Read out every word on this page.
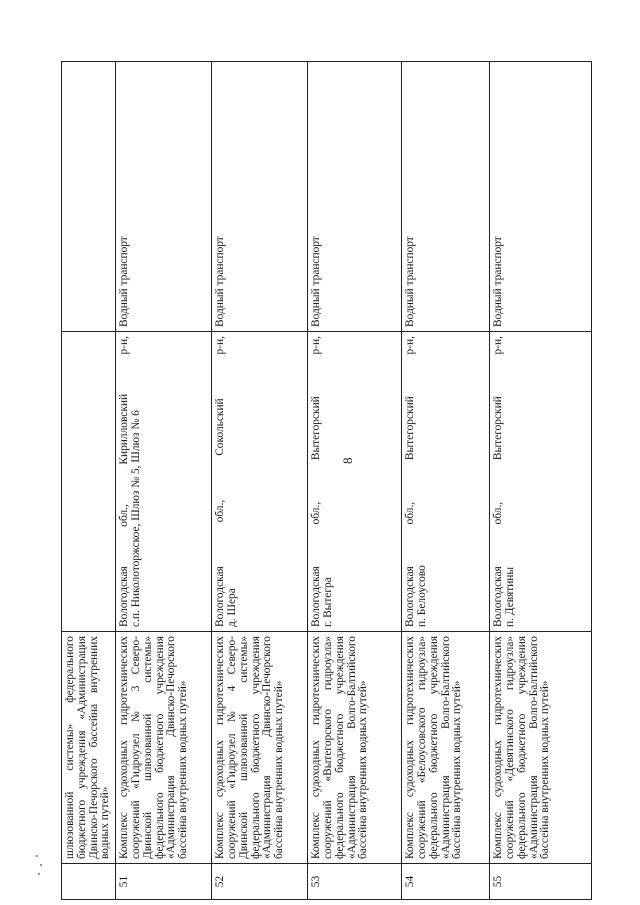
8
	шлюзованной системы» федерального бюджетного учреждения «Администрация Двинско-Печорского бассейна внутренних водных путей»		
51	Комплекс судоходных гидротехнических сооружений «Гидроузел № 3 Северо-Двинской шлюзованной системы» федерального бюджетного учреждения «Администрация Двинско-Печорского бассейна внутренних водных путей»	Вологодская обл., Кирилловский р-н, с.п. Николоторжское, Шлюз № 5, Шлюз № 6	Водный транспорт
52	Комплекс судоходных гидротехнических сооружений «Гидроузел № 4 Северо-Двинской шлюзованной системы» федерального бюджетного учреждения «Администрация Двинско-Печорского бассейна внутренних водных путей»	Вологодская обл., Сокольский р-н, д. Шера	Водный транспорт
53	Комплекс судоходных гидротехнических сооружений «Вытегорского гидроузла» федерального бюджетного учреждения «Администрация Волго-Балтийского бассейна внутренних водных путей»	Вологодская обл., Вытегорский р-н, г. Вытегра	Водный транспорт
54	Комплекс судоходных гидротехнических сооружений «Белоусовского гидроузла» федерального бюджетного учреждения «Администрация Волго-Балтийского бассейна внутренних водных путей»	Вологодская обл., Вытегорский р-н, п. Белоусово	Водный транспорт
55	Комплекс судоходных гидротехнических сооружений «Девятинского гидроузла» федерального бюджетного учреждения «Администрация Волго-Балтийского бассейна внутренних водных путей»	Вологодская обл., Вытегорский р-н, п. Девятины	Водный транспорт
